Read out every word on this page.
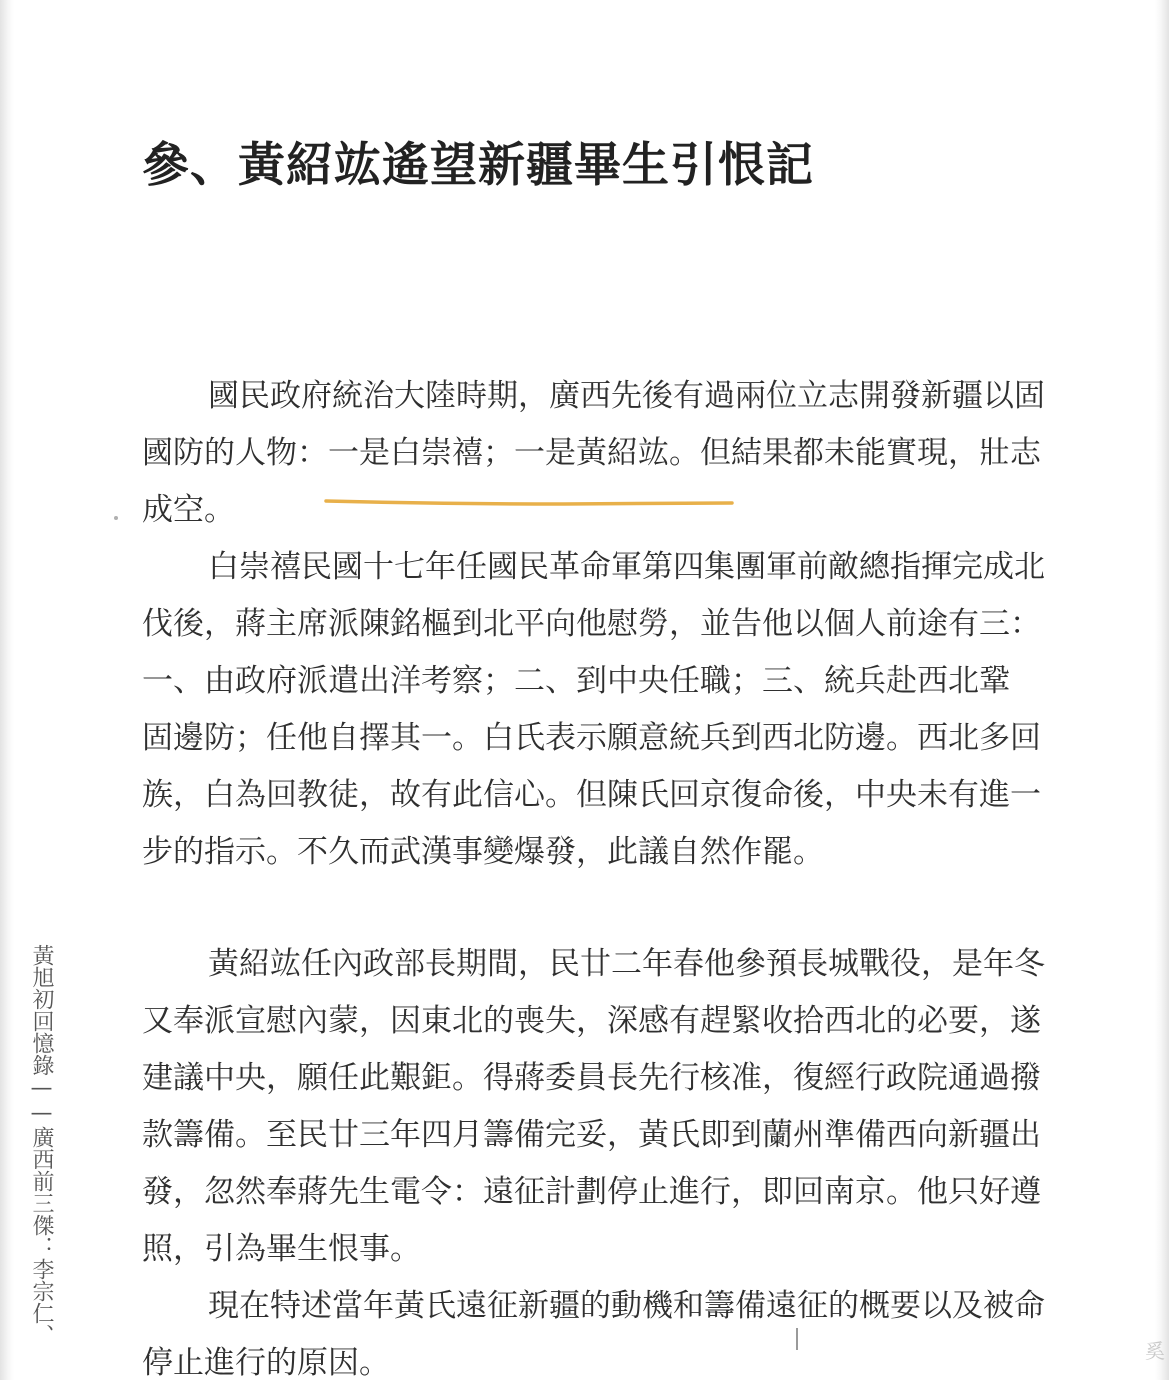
參、黃紹竑遙望新疆畢生引恨記
國民政府統治大陸時期，廣西先後有過兩位立志開發新疆以固
國防的人物：一是白崇禧；一是黃紹竑。但結果都未能實現，壯志
成空。
白崇禧民國十七年任國民革命軍第四集團軍前敵總指揮完成北
伐後，蔣主席派陳銘樞到北平向他慰勞，並告他以個人前途有三：
一、由政府派遣出洋考察；二、到中央任職；三、統兵赴西北鞏
固邊防；任他自擇其一。白氏表示願意統兵到西北防邊。西北多回
族，白為回教徒，故有此信心。但陳氏回京復命後，中央未有進一
步的指示。不久而武漢事變爆發，此議自然作罷。
黃紹竑任內政部長期間，民廿二年春他參預長城戰役，是年冬
又奉派宣慰內蒙，因東北的喪失，深感有趕緊收拾西北的必要，遂
建議中央，願任此艱鉅。得蔣委員長先行核准，復經行政院通過撥
款籌備。至民廿三年四月籌備完妥，黃氏即到蘭州準備西向新疆出
發，忽然奉蔣先生電令：遠征計劃停止進行，即回南京。他只好遵
照，引為畢生恨事。
現在特述當年黃氏遠征新疆的動機和籌備遠征的概要以及被命
停止進行的原因。
黃旭初回憶錄——廣西前三傑：李宗仁、
奚
